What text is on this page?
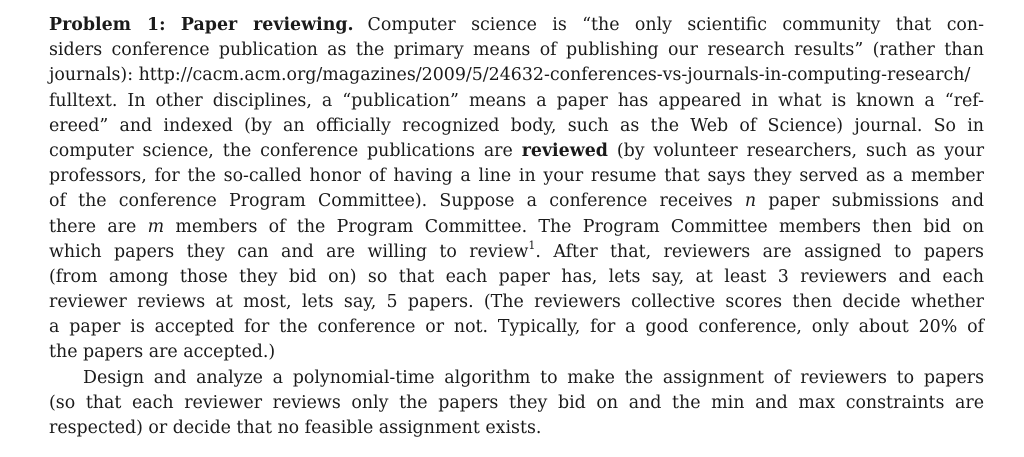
Problem 1: Paper reviewing. Computer science is “the only scientific community that con-
siders conference publication as the primary means of publishing our research results” (rather than
journals): http://cacm.acm.org/magazines/2009/5/24632-conferences-vs-journals-in-computing-research/
fulltext. In other disciplines, a “publication” means a paper has appeared in what is known a “ref-
ereed” and indexed (by an officially recognized body, such as the Web of Science) journal. So in
computer science, the conference publications are reviewed (by volunteer researchers, such as your
professors, for the so-called honor of having a line in your resume that says they served as a member
of the conference Program Committee). Suppose a conference receives n paper submissions and
there are m members of the Program Committee. The Program Committee members then bid on
which papers they can and are willing to review$^1$. After that, reviewers are assigned to papers
(from among those they bid on) so that each paper has, lets say, at least 3 reviewers and each
reviewer reviews at most, lets say, 5 papers. (The reviewers collective scores then decide whether
a paper is accepted for the conference or not. Typically, for a good conference, only about 20% of
the papers are accepted.)
Design and analyze a polynomial-time algorithm to make the assignment of reviewers to papers
(so that each reviewer reviews only the papers they bid on and the min and max constraints are
respected) or decide that no feasible assignment exists.
